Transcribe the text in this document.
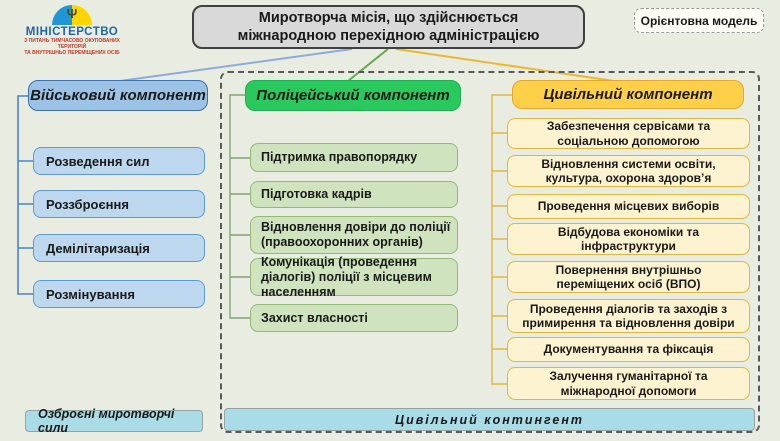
Ψ
МІНІСТЕРСТВО
З ПИТАНЬ ТИМЧАСОВО ОКУПОВАНИХ ТЕРИТОРІЙ
ТА ВНУТРІШНЬО ПЕРЕМІЩЕНИХ ОСІБ
Миротворча місія, що здійснюється міжнародною перехідною адміністрацією
Орієнтовна модель
Військовий компонент
Розведення сил
Роззброєння
Демілітаризація
Розмінування
Поліцейський компонент
Підтримка правопорядку
Підготовка кадрів
Відновлення довіри до поліції (правоохоронних органів)
Комунікація (проведення діалогів) поліції з місцевим населенням
Захист власності
Цивільний компонент
Забезпечення сервісами та соціальною допомогою
Відновлення системи освіти, культура, охорона здоров’я
Проведення місцевих виборів
Відбудова економіки та інфраструктури
Повернення внутрішньо переміщених осіб (ВПО)
Проведення діалогів та заходів з примирення та відновлення довіри
Документування та фіксація
Залучення гуманітарної та міжнародної допомоги
Озброєні миротворчі сили
Цивільний контингент
